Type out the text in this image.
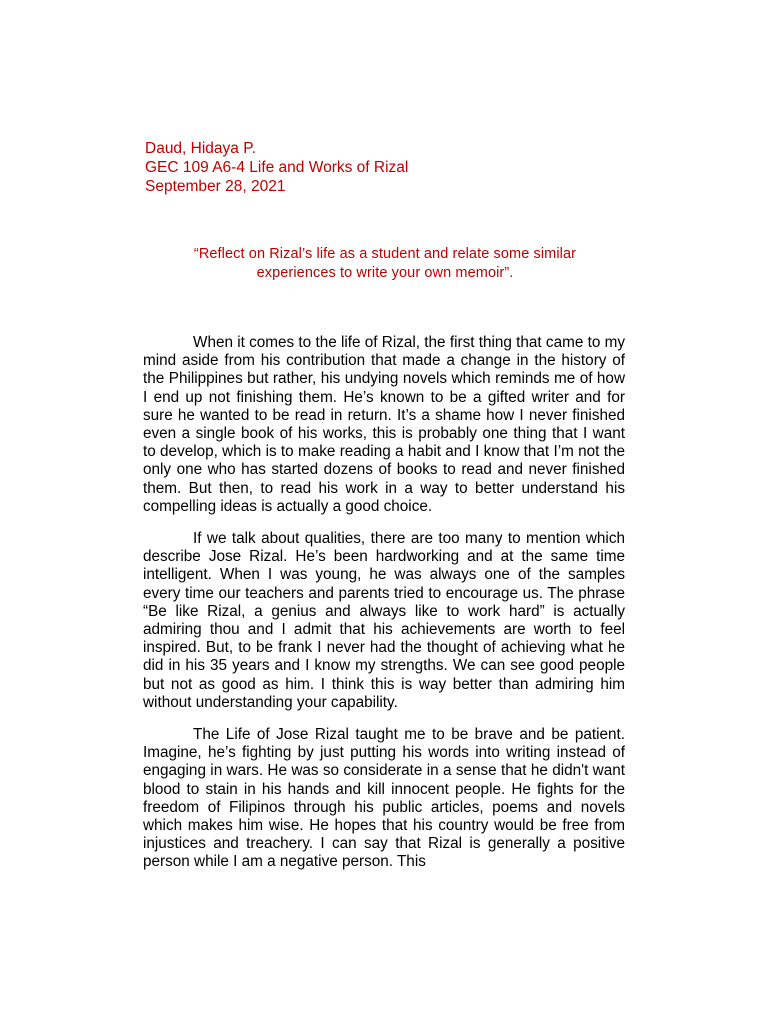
Daud, Hidaya P.
GEC 109 A6-4 Life and Works of Rizal
September 28, 2021
“Reflect on Rizal’s life as a student and relate some similar
experiences to write your own memoir”.

When it comes to the life of Rizal, the first thing that came to my mind aside from his contribution that made a change in the history of the Philippines but rather, his undying novels which reminds me of how I end up not finishing them. He’s known to be a gifted writer and for sure he wanted to be read in return. It’s a shame how I never finished even a single book of his works, this is probably one thing that I want to develop, which is to make reading a habit and I know that I’m not the only one who has started dozens of books to read and never finished them. But then, to read his work in a way to better understand his compelling ideas is actually a good choice.

If we talk about qualities, there are too many to mention which describe Jose Rizal. He’s been hardworking and at the same time intelligent. When I was young, he was always one of the samples every time our teachers and parents tried to encourage us. The phrase “Be like Rizal, a genius and always like to work hard” is actually admiring thou and I admit that his achievements are worth to feel inspired. But, to be frank I never had the thought of achieving what he did in his 35 years and I know my strengths. We can see good people but not as good as him. I think this is way better than admiring him without understanding your capability.

The Life of Jose Rizal taught me to be brave and be patient. Imagine, he’s fighting by just putting his words into writing instead of engaging in wars. He was so considerate in a sense that he didn't want blood to stain in his hands and kill innocent people. He fights for the freedom of Filipinos through his public articles, poems and novels which makes him wise. He hopes that his country would be free from injustices and treachery. I can say that Rizal is generally a positive person while I am a negative person. This
